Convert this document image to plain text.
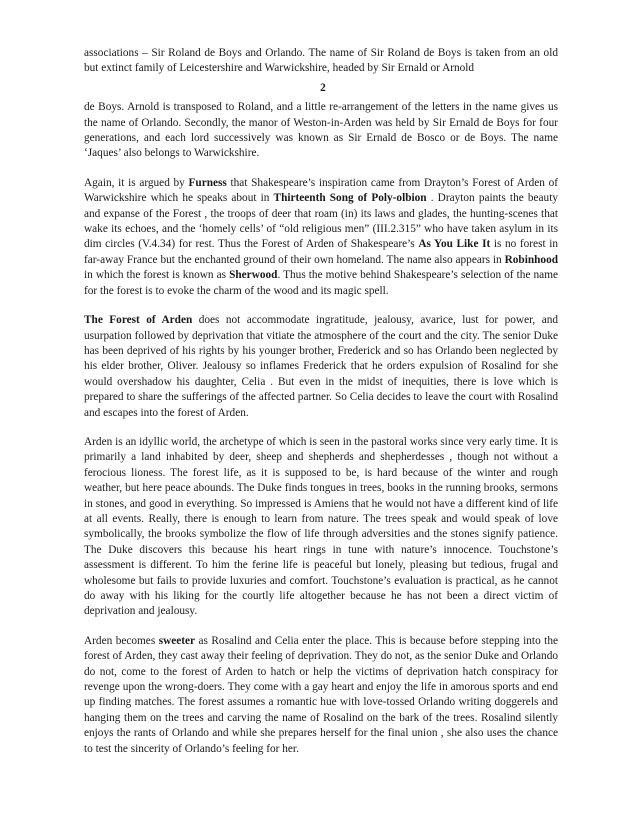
associations – Sir Roland de Boys and Orlando. The name of Sir Roland de Boys is taken from an old but extinct family of Leicestershire and Warwickshire, headed by Sir Ernald or Arnold

2

de Boys. Arnold is transposed to Roland, and a little re-arrangement of the letters in the name gives us the name of Orlando. Secondly, the manor of Weston-in-Arden was held by Sir Ernald de Boys for four generations, and each lord successively was known as Sir Ernald de Bosco or de Boys. The name ‘Jaques’ also belongs to Warwickshire.

Again, it is argued by Furness that Shakespeare’s inspiration came from Drayton’s Forest of Arden of Warwickshire which he speaks about in Thirteenth Song of Poly-olbion . Drayton paints the beauty and expanse of the Forest , the troops of deer that roam (in) its laws and glades, the hunting-scenes that wake its echoes, and the ‘homely cells’ of “old religious men” (III.2.315” who have taken asylum in its dim circles (V.4.34) for rest. Thus the Forest of Arden of Shakespeare’s As You Like It is no forest in far-away France but the enchanted ground of their own homeland. The name also appears in Robinhood in which the forest is known as Sherwood. Thus the motive behind Shakespeare’s selection of the name for the forest is to evoke the charm of the wood and its magic spell.

The Forest of Arden does not accommodate ingratitude, jealousy, avarice, lust for power, and usurpation followed by deprivation that vitiate the atmosphere of the court and the city. The senior Duke has been deprived of his rights by his younger brother, Frederick and so has Orlando been neglected by his elder brother, Oliver. Jealousy so inflames Frederick that he orders expulsion of Rosalind for she would overshadow his daughter, Celia . But even in the midst of inequities, there is love which is prepared to share the sufferings of the affected partner. So Celia decides to leave the court with Rosalind and escapes into the forest of Arden.

Arden is an idyllic world, the archetype of which is seen in the pastoral works since very early time. It is primarily a land inhabited by deer, sheep and shepherds and shepherdesses , though not without a ferocious lioness. The forest life, as it is supposed to be, is hard because of the winter and rough weather, but here peace abounds. The Duke finds tongues in trees, books in the running brooks, sermons in stones, and good in everything. So impressed is Amiens that he would not have a different kind of life at all events. Really, there is enough to learn from nature. The trees speak and would speak of love symbolically, the brooks symbolize the flow of life through adversities and the stones signify patience. The Duke discovers this because his heart rings in tune with nature’s innocence. Touchstone’s assessment is different. To him the ferine life is peaceful but lonely, pleasing but tedious, frugal and wholesome but fails to provide luxuries and comfort. Touchstone’s evaluation is practical, as he cannot do away with his liking for the courtly life altogether because he has not been a direct victim of deprivation and jealousy.

Arden becomes sweeter as Rosalind and Celia enter the place. This is because before stepping into the forest of Arden, they cast away their feeling of deprivation. They do not, as the senior Duke and Orlando do not, come to the forest of Arden to hatch or help the victims of deprivation hatch conspiracy for revenge upon the wrong-doers. They come with a gay heart and enjoy the life in amorous sports and end up finding matches. The forest assumes a romantic hue with love-tossed Orlando writing doggerels and hanging them on the trees and carving the name of Rosalind on the bark of the trees. Rosalind silently enjoys the rants of Orlando and while she prepares herself for the final union , she also uses the chance to test the sincerity of Orlando’s feeling for her.
